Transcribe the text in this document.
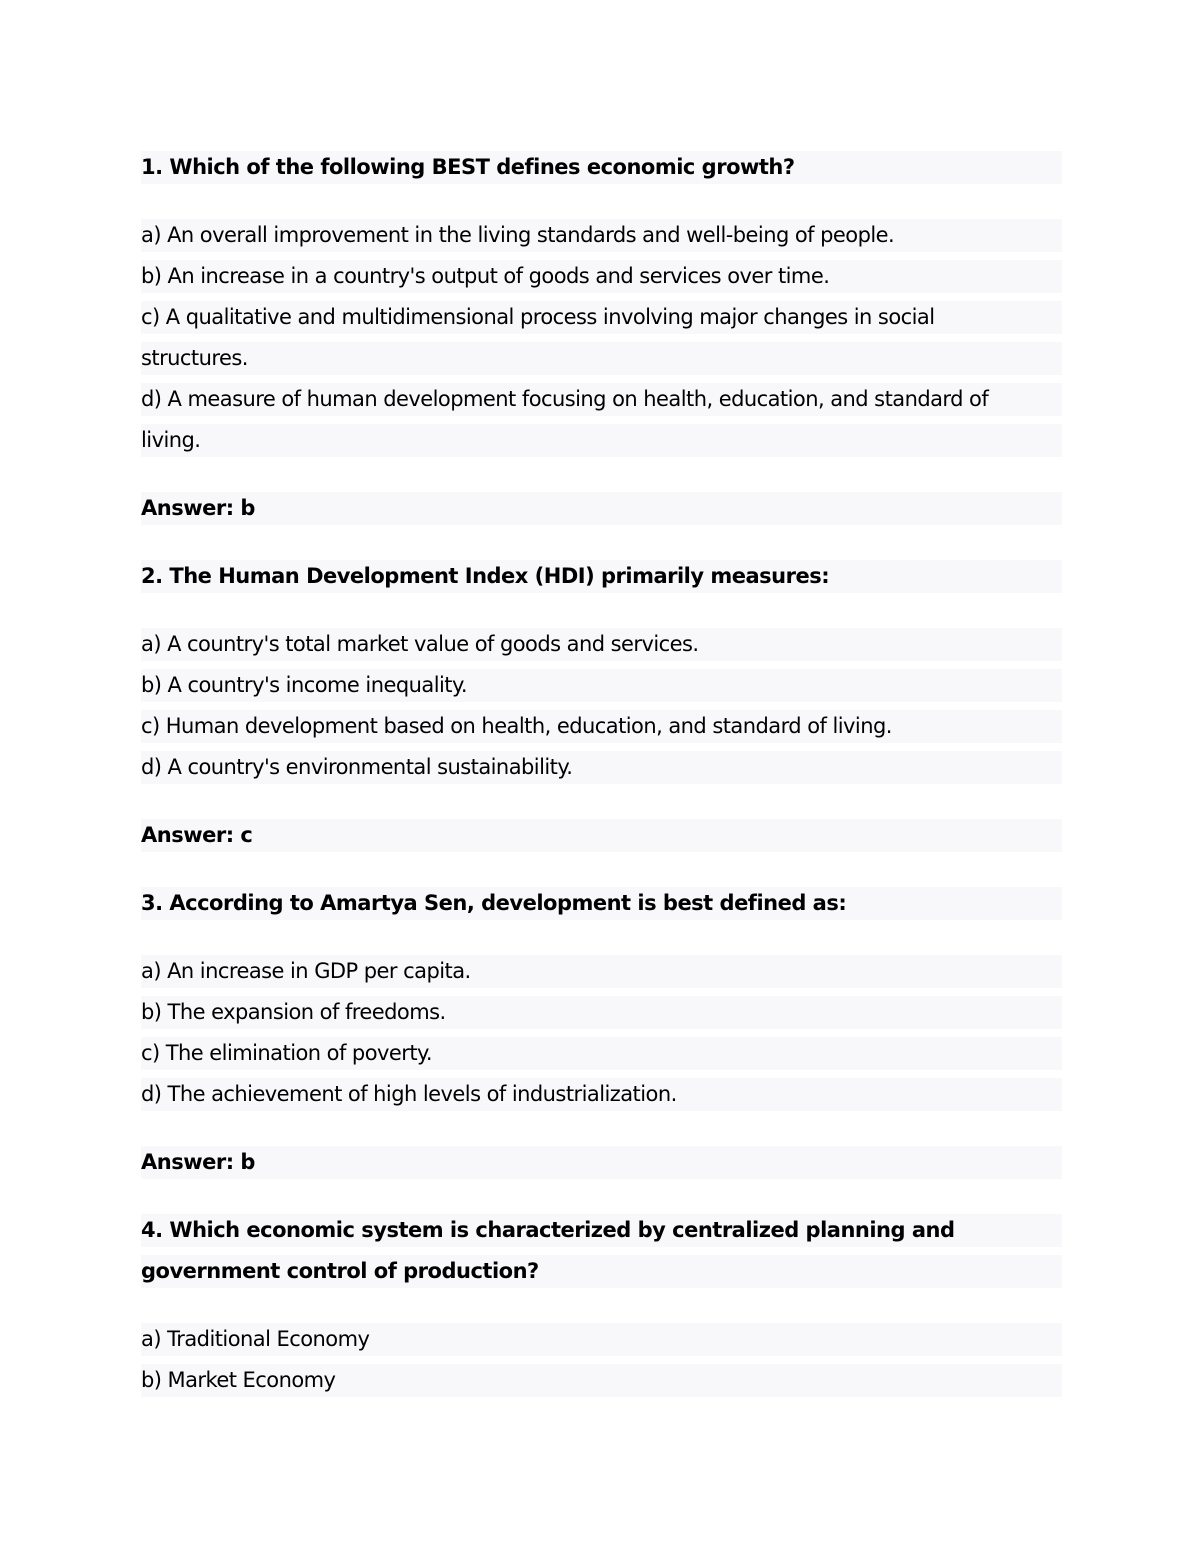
1. Which of the following BEST defines economic growth?
a) An overall improvement in the living standards and well-being of people.
b) An increase in a country's output of goods and services over time.
c) A qualitative and multidimensional process involving major changes in social
structures.
d) A measure of human development focusing on health, education, and standard of
living.
Answer: b
2. The Human Development Index (HDI) primarily measures:
a) A country's total market value of goods and services.
b) A country's income inequality.
c) Human development based on health, education, and standard of living.
d) A country's environmental sustainability.
Answer: c
3. According to Amartya Sen, development is best defined as:
a) An increase in GDP per capita.
b) The expansion of freedoms.
c) The elimination of poverty.
d) The achievement of high levels of industrialization.
Answer: b
4. Which economic system is characterized by centralized planning and
government control of production?
a) Traditional Economy
b) Market Economy
